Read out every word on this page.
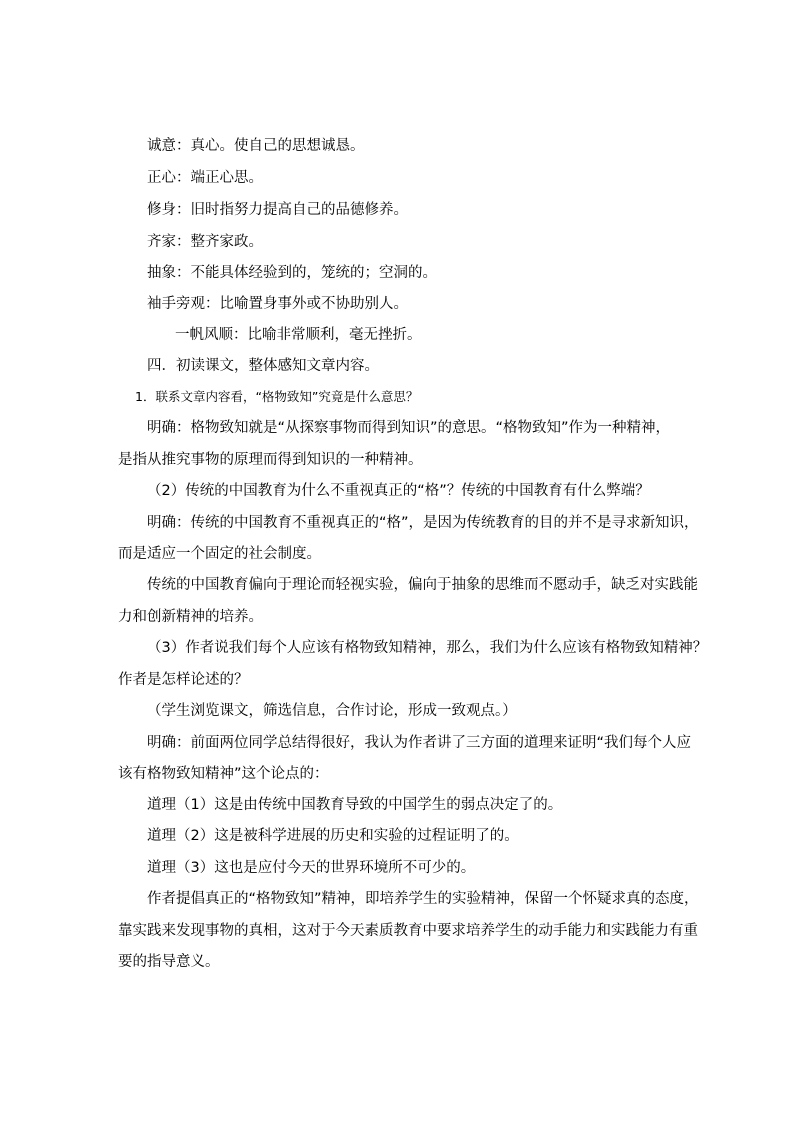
诚意：真心。使自己的思想诚恳。
正心：端正心思。
修身：旧时指努力提高自己的品德修养。
齐家：整齐家政。
抽象：不能具体经验到的，笼统的；空洞的。
袖手旁观：比喻置身事外或不协助别人。
一帆风顺：比喻非常顺利，毫无挫折。
四．初读课文，整体感知文章内容。
1．联系文章内容看，“格物致知”究竟是什么意思？
明确：格物致知就是“从探察事物而得到知识”的意思。“格物致知”作为一种精神，
是指从推究事物的原理而得到知识的一种精神。
（2）传统的中国教育为什么不重视真正的“格”？传统的中国教育有什么弊端？
明确：传统的中国教育不重视真正的“格”，是因为传统教育的目的并不是寻求新知识，
而是适应一个固定的社会制度。
传统的中国教育偏向于理论而轻视实验，偏向于抽象的思维而不愿动手，缺乏对实践能
力和创新精神的培养。
（3）作者说我们每个人应该有格物致知精神，那么，我们为什么应该有格物致知精神？
作者是怎样论述的？
（学生浏览课文，筛选信息，合作讨论，形成一致观点。）
明确：前面两位同学总结得很好，我认为作者讲了三方面的道理来证明“我们每个人应
该有格物致知精神”这个论点的：
道理（1）这是由传统中国教育导致的中国学生的弱点决定了的。
道理（2）这是被科学进展的历史和实验的过程证明了的。
道理（3）这也是应付今天的世界环境所不可少的。
作者提倡真正的“格物致知”精神，即培养学生的实验精神，保留一个怀疑求真的态度，
靠实践来发现事物的真相，这对于今天素质教育中要求培养学生的动手能力和实践能力有重
要的指导意义。
